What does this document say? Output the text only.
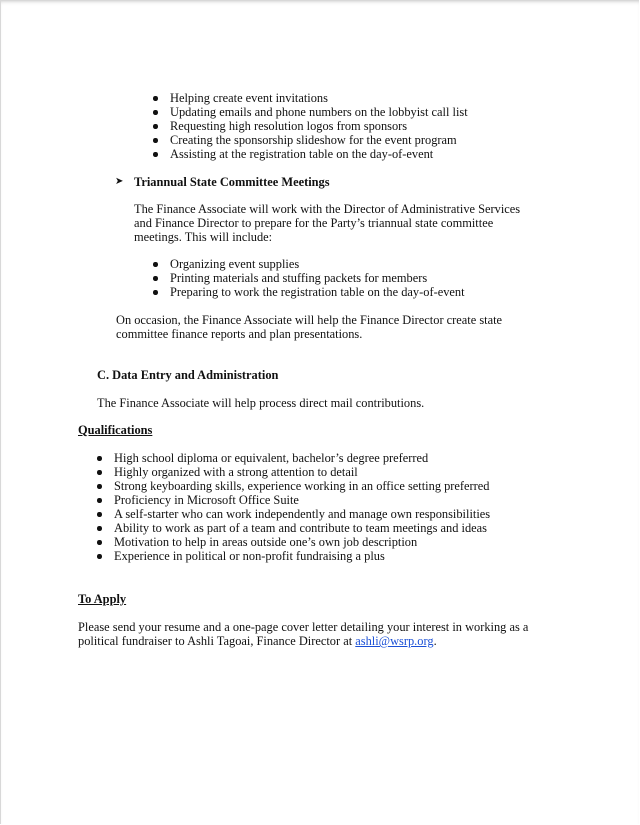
Helping create event invitations
Updating emails and phone numbers on the lobbyist call list
Requesting high resolution logos from sponsors
Creating the sponsorship slideshow for the event program
Assisting at the registration table on the day-of-event
➤ Triannual State Committee Meetings

The Finance Associate will work with the Director of Administrative Services

and Finance Director to prepare for the Party’s triannual state committee

meetings. This will include:

Organizing event supplies
Printing materials and stuffing packets for members
Preparing to work the registration table on the day-of-event

On occasion, the Finance Associate will help the Finance Director create state

committee finance reports and plan presentations.

C. Data Entry and Administration

The Finance Associate will help process direct mail contributions.

Qualifications

High school diploma or equivalent, bachelor’s degree preferred
Highly organized with a strong attention to detail
Strong keyboarding skills, experience working in an office setting preferred
Proficiency in Microsoft Office Suite
A self-starter who can work independently and manage own responsibilities
Ability to work as part of a team and contribute to team meetings and ideas
Motivation to help in areas outside one’s own job description
Experience in political or non-profit fundraising a plus

To Apply

Please send your resume and a one-page cover letter detailing your interest in working as a

political fundraiser to Ashli Tagoai, Finance Director at ashli@wsrp.org.
